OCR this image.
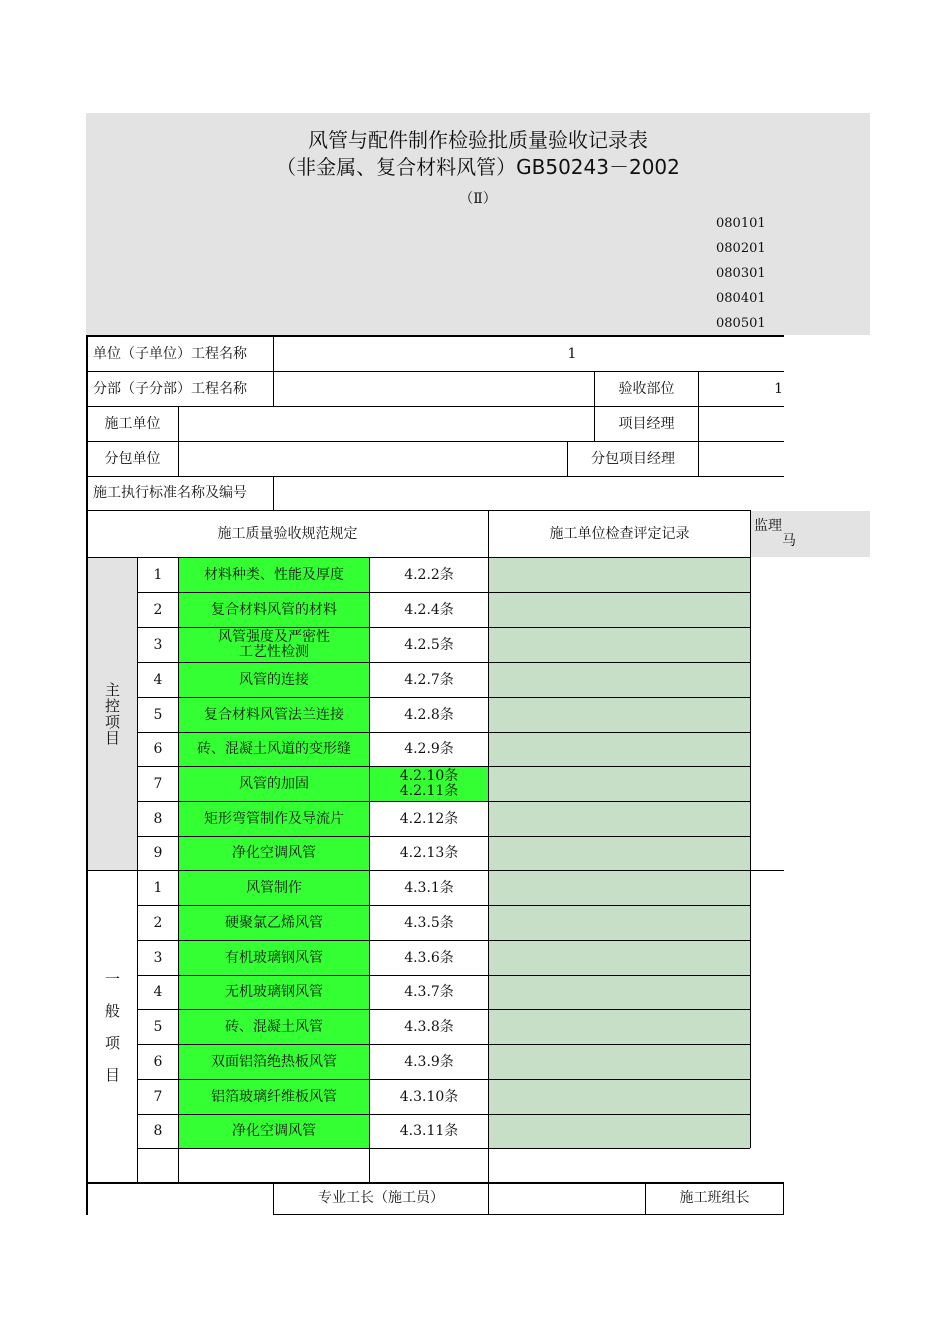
风管与配件制作检验批质量验收记录表
（非金属、复合材料风管）GB50243－2002
（Ⅱ）
080101
080201
080301
080401
080501
单位（子单位）工程名称	1
分部（子分部）工程名称	验收部位	1
施工单位	项目经理
分包单位	分包项目经理
施工执行标准名称及编号
施工质量验收规范规定	施工单位检查评定记录	监理
马
主
控
项
目
1	材料种类、性能及厚度	4.2.2条
2	复合材料风管的材料	4.2.4条
3	风管强度及严密性
工艺性检测	4.2.5条
4	风管的连接	4.2.7条
5	复合材料风管法兰连接	4.2.8条
6	砖、混凝土风道的变形缝	4.2.9条
7	风管的加固	4.2.10条
4.2.11条
8	矩形弯管制作及导流片	4.2.12条
9	净化空调风管	4.2.13条
一
般
项
目
1	风管制作	4.3.1条
2	硬聚氯乙烯风管	4.3.5条
3	有机玻璃钢风管	4.3.6条
4	无机玻璃钢风管	4.3.7条
5	砖、混凝土风管	4.3.8条
6	双面铝箔绝热板风管	4.3.9条
7	铝箔玻璃纤维板风管	4.3.10条
8	净化空调风管	4.3.11条
专业工长（施工员）	施工班组长
